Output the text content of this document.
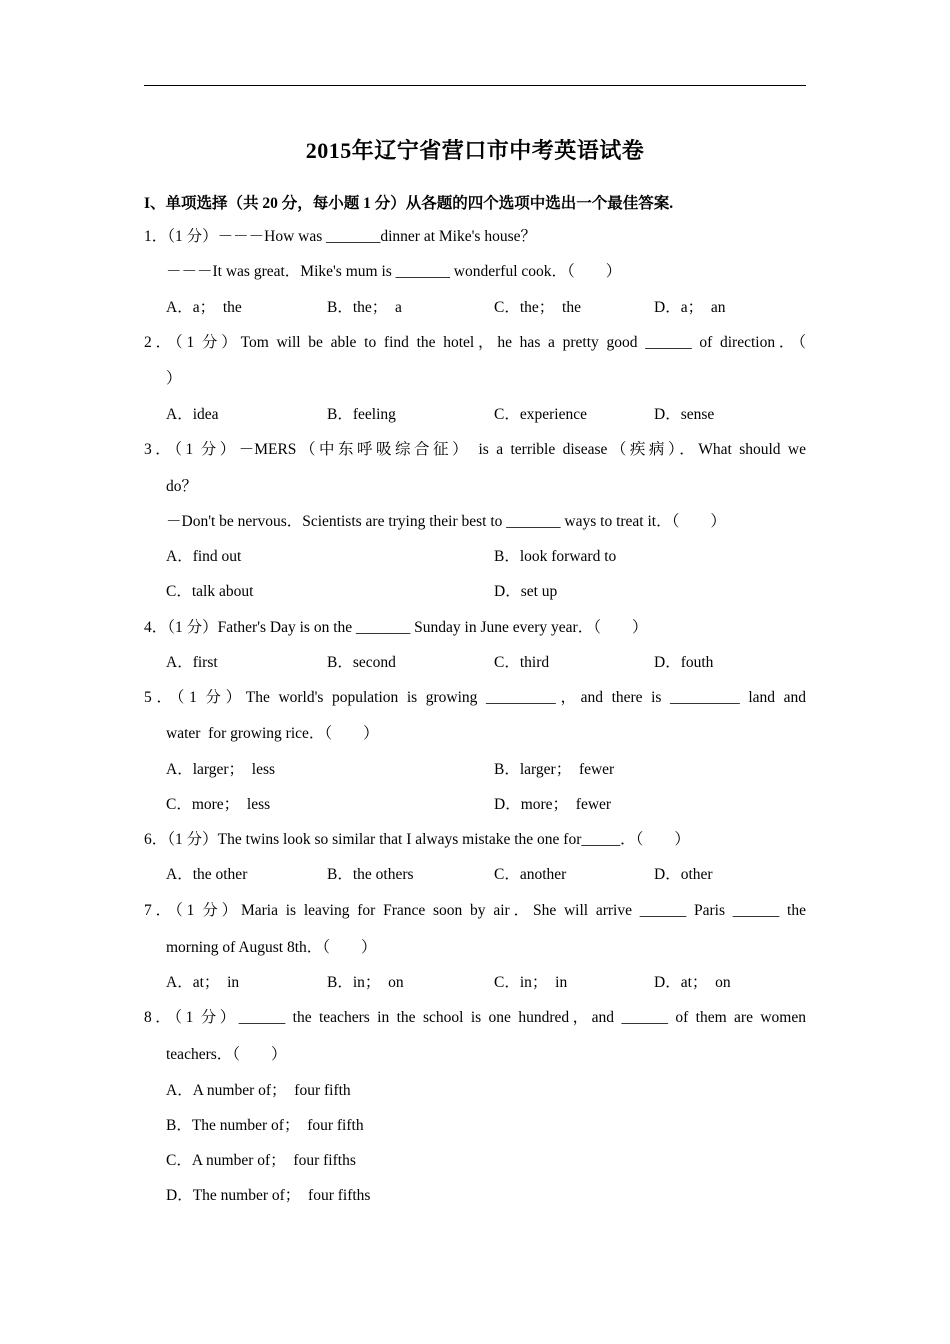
2015年辽宁省营口市中考英语试卷
I、单项选择（共 20 分，每小题 1 分）从各题的四个选项中选出一个最佳答案.
1．（1 分）－－－How was _______dinner at Mike's house？
－－－It was great．Mike's mum is _______ wonderful cook．（　　）
A．a；  the	B．the；  a	C．the；  the	D．a；  an
2．（1 分）Tom will be able to find the hotel，he has a pretty good ______ of direction．（
）
A．idea	B．feeling	C．experience	D．sense
3．（1 分）－MERS（中东呼吸综合征） is a terrible disease（疾病）．What should we
do？
－Don't be nervous．Scientists are trying their best to _______ ways to treat it．（　　）
A．find out	B．look forward to
C．talk about	D．set up
4．（1 分）Father's Day is on the _______ Sunday in June every year．（　　）
A．first	B．second	C．third	D．fouth
5．（1 分）The world's population is growing _________，and there is _________ land and
water  for growing rice．（　　）
A．larger；  less	B．larger；  fewer
C．more；  less	D．more；  fewer
6．（1 分）The twins look so similar that I always mistake the one for_____．（　　）
A．the other	B．the others	C．another	D．other
7．（1 分）Maria is leaving for France soon by air．She will arrive ______ Paris ______ the
morning of August 8th．（　　）
A．at；  in	B．in；  on	C．in；  in	D．at；  on
8．（1 分）______ the teachers in the school is one hundred，and ______ of them are women
teachers．（　　）
A．A number of；  four fifth
B．The number of；  four fifth
C．A number of；  four fifths
D．The number of；  four fifths
